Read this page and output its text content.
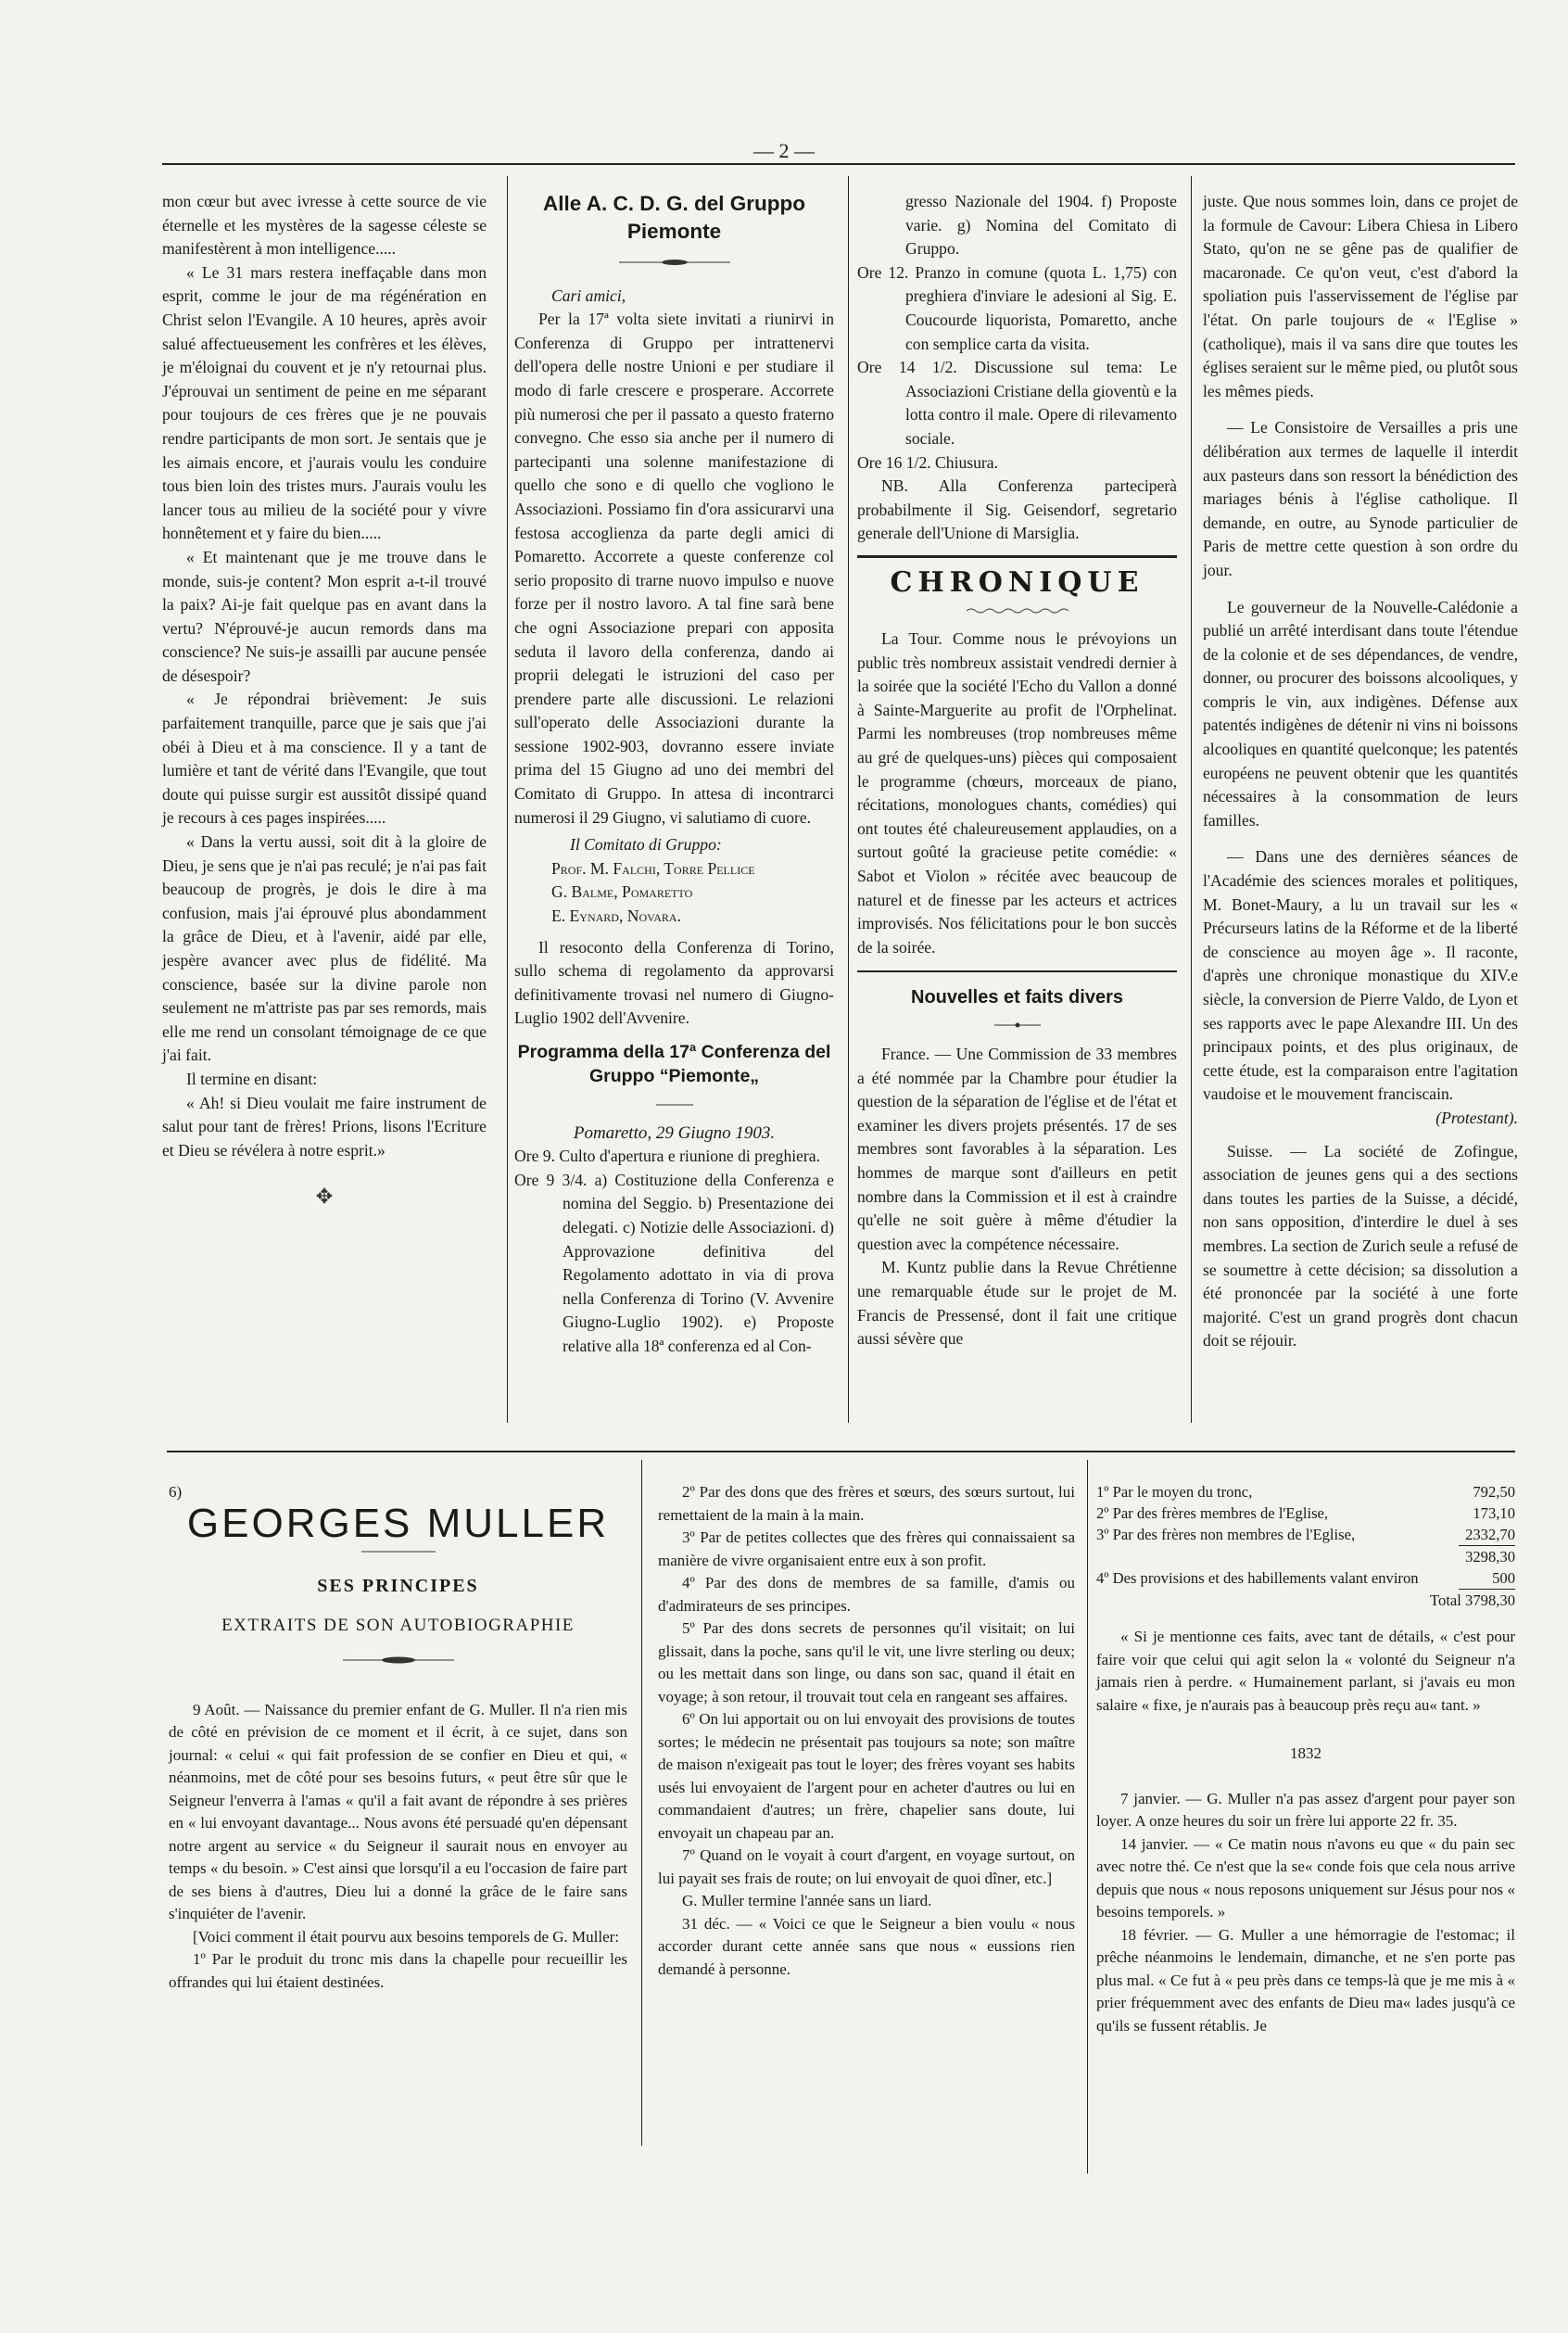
— 2 —

mon cœur but avec ivresse à cette source de vie éternelle et les mystères de la sagesse céleste se manifestèrent à mon intelligence.....

« Le 31 mars restera ineffaçable dans mon esprit, comme le jour de ma régénération en Christ selon l'Evangile. A 10 heures, après avoir salué affectueusement les confrères et les élèves, je m'éloignai du couvent et je n'y retournai plus. J'éprouvai un sentiment de peine en me séparant pour toujours de ces frères que je ne pouvais rendre participants de mon sort. Je sentais que je les aimais encore, et j'aurais voulu les conduire tous bien loin des tristes murs. J'aurais voulu les lancer tous au milieu de la société pour y vivre honnêtement et y faire du bien.....

« Et maintenant que je me trouve dans le monde, suis-je content? Mon esprit a-t-il trouvé la paix? Ai-je fait quelque pas en avant dans la vertu? N'éprouvé-je aucun remords dans ma conscience? Ne suis-je assailli par aucune pensée de désespoir?

« Je répondrai brièvement: Je suis parfaitement tranquille, parce que je sais que j'ai obéi à Dieu et à ma conscience. Il y a tant de lumière et tant de vérité dans l'Evangile, que tout doute qui puisse surgir est aussitôt dissipé quand je recours à ces pages inspirées.....

« Dans la vertu aussi, soit dit à la gloire de Dieu, je sens que je n'ai pas reculé; je n'ai pas fait beaucoup de progrès, je dois le dire à ma confusion, mais j'ai éprouvé plus abondamment la grâce de Dieu, et à l'avenir, aidé par elle, jespère avancer avec plus de fidélité. Ma conscience, basée sur la divine parole non seulement ne m'attriste pas par ses remords, mais elle me rend un consolant témoignage de ce que j'ai fait.

Il termine en disant:

« Ah! si Dieu voulait me faire instrument de salut pour tant de frères! Prions, lisons l'Ecriture et Dieu se révélera à notre esprit.»

✥
Alle A. C. D. G. del Gruppo Piemonte

Cari amici,

Per la 17ª volta siete invitati a riunirvi in Conferenza di Gruppo per intrattenervi dell'opera delle nostre Unioni e per studiare il modo di farle crescere e prosperare. Accorrete più numerosi che per il passato a questo fraterno convegno. Che esso sia anche per il numero di partecipanti una solenne manifestazione di quello che sono e di quello che vogliono le Associazioni. Possiamo fin d'ora assicurarvi una festosa accoglienza da parte degli amici di Pomaretto. Accorrete a queste conferenze col serio proposito di trarne nuovo impulso e nuove forze per il nostro lavoro. A tal fine sarà bene che ogni Associazione prepari con apposita seduta il lavoro della conferenza, dando ai proprii delegati le istruzioni del caso per prendere parte alle discussioni. Le relazioni sull'operato delle Associazioni durante la sessione 1902-903, dovranno essere inviate prima del 15 Giugno ad uno dei membri del Comitato di Gruppo. In attesa di incontrarci numerosi il 29 Giugno, vi salutiamo di cuore.

Il Comitato di Gruppo:

Prof. M. Falchi, Torre Pellice

G. Balme, Pomaretto

E. Eynard, Novara.

Il resoconto della Conferenza di Torino, sullo schema di regolamento da approvarsi definitivamente trovasi nel numero di Giugno-Luglio 1902 dell'Avvenire.

Programma della 17ª Conferenza del Gruppo “Piemonte„

Pomaretto, 29 Giugno 1903.

Ore 9. Culto d'apertura e riunione di preghiera.

Ore 9 3/4. a) Costituzione della Conferenza e nomina del Seggio. b) Presentazione dei delegati. c) Notizie delle Associazioni. d) Approvazione definitiva del Regolamento adottato in via di prova nella Conferenza di Torino (V. Avvenire Giugno-Luglio 1902). e) Proposte relative alla 18ª conferenza ed al Con-

gresso Nazionale del 1904. f) Proposte varie. g) Nomina del Comitato di Gruppo.

Ore 12. Pranzo in comune (quota L. 1,75) con preghiera d'inviare le adesioni al Sig. E. Coucourde liquorista, Pomaretto, anche con semplice carta da visita.

Ore 14 1/2. Discussione sul tema: Le Associazioni Cristiane della gioventù e la lotta contro il male. Opere di rilevamento sociale.

Ore 16 1/2. Chiusura.

NB. Alla Conferenza parteciperà probabilmente il Sig. Geisendorf, segretario generale dell'Unione di Marsiglia.

CHRONIQUE

La Tour. Comme nous le prévoyions un public très nombreux assistait vendredi dernier à la soirée que la société l'Echo du Vallon a donné à Sainte-Marguerite au profit de l'Orphelinat. Parmi les nombreuses (trop nombreuses même au gré de quelques-uns) pièces qui composaient le programme (chœurs, morceaux de piano, récitations, monologues chants, comédies) qui ont toutes été chaleureusement applaudies, on a surtout goûté la gracieuse petite comédie: « Sabot et Violon » récitée avec beaucoup de naturel et de finesse par les acteurs et actrices improvisés. Nos félicitations pour le bon succès de la soirée.

Nouvelles et faits divers

France. — Une Commission de 33 membres a été nommée par la Chambre pour étudier la question de la séparation de l'église et de l'état et examiner les divers projets présentés. 17 de ses membres sont favorables à la séparation. Les hommes de marque sont d'ailleurs en petit nombre dans la Commission et il est à craindre qu'elle ne soit guère à même d'étudier la question avec la compétence nécessaire.

M. Kuntz publie dans la Revue Chrétienne une remarquable étude sur le projet de M. Francis de Pressensé, dont il fait une critique aussi sévère que

juste. Que nous sommes loin, dans ce projet de la formule de Cavour: Libera Chiesa in Libero Stato, qu'on ne se gêne pas de qualifier de macaronade. Ce qu'on veut, c'est d'abord la spoliation puis l'asservissement de l'église par l'état. On parle toujours de « l'Eglise » (catholique), mais il va sans dire que toutes les églises seraient sur le même pied, ou plutôt sous les mêmes pieds.

— Le Consistoire de Versailles a pris une délibération aux termes de laquelle il interdit aux pasteurs dans son ressort la bénédiction des mariages bénis à l'église catholique. Il demande, en outre, au Synode particulier de Paris de mettre cette question à son ordre du jour.

Le gouverneur de la Nouvelle-Calédonie a publié un arrêté interdisant dans toute l'étendue de la colonie et de ses dépendances, de vendre, donner, ou procurer des boissons alcooliques, y compris le vin, aux indigènes. Défense aux patentés indigènes de détenir ni vins ni boissons alcooliques en quantité quelconque; les patentés européens ne peuvent obtenir que les quantités nécessaires à la consommation de leurs familles.

— Dans une des dernières séances de l'Académie des sciences morales et politiques, M. Bonet-Maury, a lu un travail sur les « Précurseurs latins de la Réforme et de la liberté de conscience au moyen âge ». Il raconte, d'après une chronique monastique du XIV.e siècle, la conversion de Pierre Valdo, de Lyon et ses rapports avec le pape Alexandre III. Un des principaux points, et des plus originaux, de cette étude, est la comparaison entre l'agitation vaudoise et le mouvement franciscain.

(Protestant).

Suisse. — La société de Zofingue, association de jeunes gens qui a des sections dans toutes les parties de la Suisse, a décidé, non sans opposition, d'interdire le duel à ses membres. La section de Zurich seule a refusé de se soumettre à cette décision; sa dissolution a été prononcée par la société à une forte majorité. C'est un grand progrès dont chacun doit se réjouir.

6)
GEORGES MULLER
SES PRINCIPES
EXTRAITS DE SON AUTOBIOGRAPHIE

9 Août. — Naissance du premier enfant de G. Muller. Il n'a rien mis de côté en prévision de ce moment et il écrit, à ce sujet, dans son journal: « celui « qui fait profession de se confier en Dieu et qui, « néanmoins, met de côté pour ses besoins futurs, « peut être sûr que le Seigneur l'enverra à l'amas « qu'il a fait avant de répondre à ses prières en « lui envoyant davantage... Nous avons été persuadé qu'en dépensant notre argent au service « du Seigneur il saurait nous en envoyer au temps « du besoin. » C'est ainsi que lorsqu'il a eu l'occasion de faire part de ses biens à d'autres, Dieu lui a donné la grâce de le faire sans s'inquiéter de l'avenir.

[Voici comment il était pourvu aux besoins temporels de G. Muller:

1º Par le produit du tronc mis dans la chapelle pour recueillir les offrandes qui lui étaient destinées.

2º Par des dons que des frères et sœurs, des sœurs surtout, lui remettaient de la main à la main.

3º Par de petites collectes que des frères qui connaissaient sa manière de vivre organisaient entre eux à son profit.

4º Par des dons de membres de sa famille, d'amis ou d'admirateurs de ses principes.

5º Par des dons secrets de personnes qu'il visitait; on lui glissait, dans la poche, sans qu'il le vit, une livre sterling ou deux; ou les mettait dans son linge, ou dans son sac, quand il était en voyage; à son retour, il trouvait tout cela en rangeant ses affaires.

6º On lui apportait ou on lui envoyait des provisions de toutes sortes; le médecin ne présentait pas toujours sa note; son maître de maison n'exigeait pas tout le loyer; des frères voyant ses habits usés lui envoyaient de l'argent pour en acheter d'autres ou lui en commandaient d'autres; un frère, chapelier sans doute, lui envoyait un chapeau par an.

7º Quand on le voyait à court d'argent, en voyage surtout, on lui payait ses frais de route; on lui envoyait de quoi dîner, etc.]

G. Muller termine l'année sans un liard.

31 déc. — « Voici ce que le Seigneur a bien voulu « nous accorder durant cette année sans que nous « eussions rien demandé à personne.

1º Par le moyen du tronc,	792,50
2º Par des frères membres de l'Eglise,	173,10
3º Par des frères non membres de l'Eglise,	2332,70
	3298,30
4º Des provisions et des habillements valant environ	500
Total 3798,30	

« Si je mentionne ces faits, avec tant de détails, « c'est pour faire voir que celui qui agit selon la « volonté du Seigneur n'a jamais rien à perdre. « Humainement parlant, si j'avais eu mon salaire « fixe, je n'aurais pas à beaucoup près reçu au« tant. »

1832

7 janvier. — G. Muller n'a pas assez d'argent pour payer son loyer. A onze heures du soir un frère lui apporte 22 fr. 35.

14 janvier. — « Ce matin nous n'avons eu que « du pain sec avec notre thé. Ce n'est que la se« conde fois que cela nous arrive depuis que nous « nous reposons uniquement sur Jésus pour nos « besoins temporels. »

18 février. — G. Muller a une hémorragie de l'estomac; il prêche néanmoins le lendemain, dimanche, et ne s'en porte pas plus mal. « Ce fut à « peu près dans ce temps-là que je me mis à « prier fréquemment avec des enfants de Dieu ma« lades jusqu'à ce qu'ils se fussent rétablis. Je
